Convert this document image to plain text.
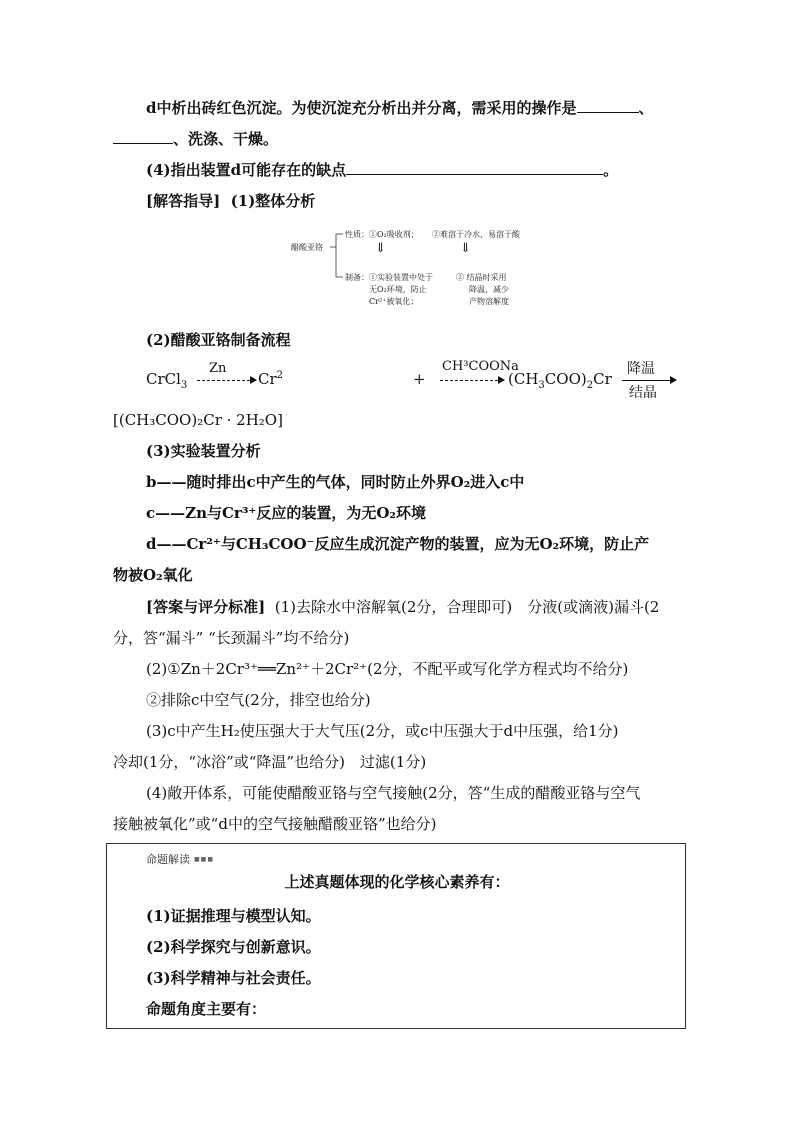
d中析出砖红色沉淀。为使沉淀充分析出并分离，需采用的操作是	、
、洗涤、干燥。
(4)指出装置d可能存在的缺点	。
[解答指导] (1)整体分析
醋酸亚铬
性质：①O₂吸收剂； ②难溶于冷水，易溶于酸
⇓	⇓
制备：①实验装置中处于
无O₂环境，防止
Cr²⁺被氧化；
② 结晶时采用
降温，减少
产物溶解度
(2)醋酸亚铬制备流程
CrCl$_3$
Zn
$Cr^2$	+
CH³COONa
$(CH_3COO)_2Cr$
降温
结晶
[(CH₃COO)₂Cr · 2H₂O]
(3)实验装置分析
b——随时排出c中产生的气体，同时防止外界O₂进入c中
c——Zn与Cr³⁺反应的装置，为无O₂环境
d——Cr²⁺与CH₃COO⁻反应生成沉淀产物的装置，应为无O₂环境，防止产
物被O₂氧化
[答案与评分标准] (1)去除水中溶解氧(2分，合理即可)　分液(或滴液)漏斗(2
分，答“漏斗” “长颈漏斗”均不给分)
(2)①Zn＋2Cr³⁺══Zn²⁺＋2Cr²⁺(2分，不配平或写化学方程式均不给分)
②排除c中空气(2分，排空也给分)
(3)c中产生H₂使压强大于大气压(2分，或c中压强大于d中压强，给1分)
冷却(1分，“冰浴”或“降温”也给分)　过滤(1分)
(4)敞开体系，可能使醋酸亚铬与空气接触(2分，答“生成的醋酸亚铬与空气
接触被氧化”或“d中的空气接触醋酸亚铬”也给分)
命题解读 ■■■
上述真题体现的化学核心素养有：
(1)证据推理与模型认知。
(2)科学探究与创新意识。
(3)科学精神与社会责任。
命题角度主要有：
